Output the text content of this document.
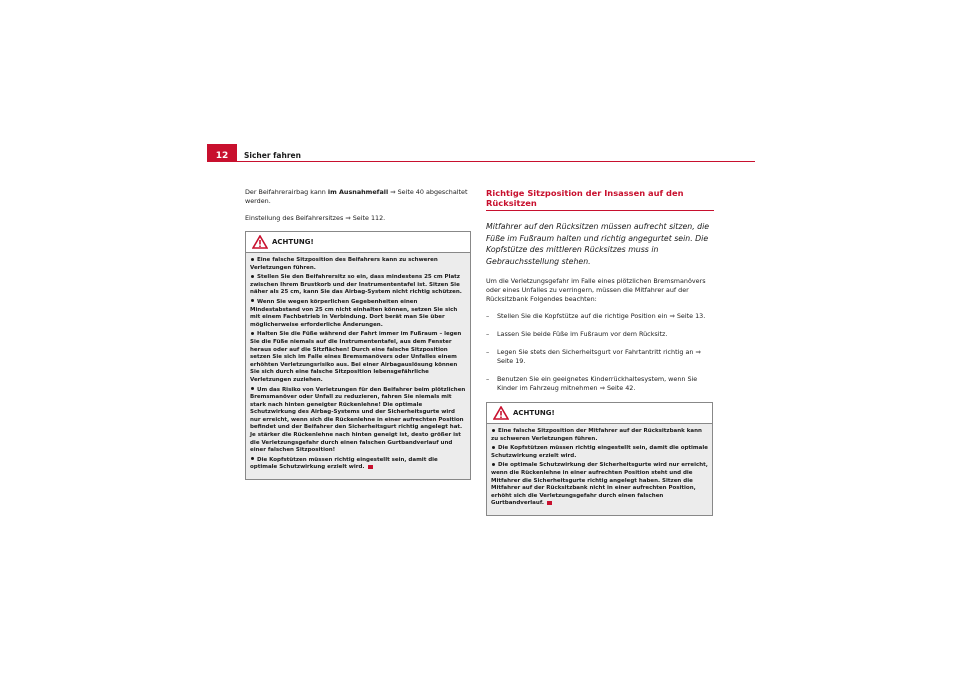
12	Sicher fahren

Der Beifahrerairbag kann im Ausnahmefall ⇒ Seite 40 abgeschaltet werden.

Einstellung des Beifahrersitzes ⇒ Seite 112.

ACHTUNG!
Eine falsche Sitzposition des Beifahrers kann zu schweren Verletzungen führen.
Stellen Sie den Beifahrersitz so ein, dass mindestens 25 cm Platz zwischen Ihrem Brustkorb und der Instrumententafel ist. Sitzen Sie näher als 25 cm, kann Sie das Airbag-System nicht richtig schützen.
Wenn Sie wegen körperlichen Gegebenheiten einen Mindestabstand von 25 cm nicht einhalten können, setzen Sie sich mit einem Fachbetrieb in Verbindung. Dort berät man Sie über möglicherweise erforderliche Änderungen.
Halten Sie die Füße während der Fahrt immer im Fußraum – legen Sie die Füße niemals auf die Instrumententafel, aus dem Fenster heraus oder auf die Sitzflächen! Durch eine falsche Sitzposition setzen Sie sich im Falle eines Bremsmanövers oder Unfalles einem erhöhten Verletzungsrisiko aus. Bei einer Airbagauslösung können Sie sich durch eine falsche Sitzposition lebensgefährliche Verletzungen zuziehen.
Um das Risiko von Verletzungen für den Beifahrer beim plötzlichen Bremsmanöver oder Unfall zu reduzieren, fahren Sie niemals mit stark nach hinten geneigter Rückenlehne! Die optimale Schutzwirkung des Airbag-Systems und der Sicherheitsgurte wird nur erreicht, wenn sich die Rückenlehne in einer aufrechten Position befindet und der Beifahrer den Sicherheitsgurt richtig angelegt hat. Je stärker die Rückenlehne nach hinten geneigt ist, desto größer ist die Verletzungsgefahr durch einen falschen Gurtbandverlauf und einer falschen Sitzposition!
Die Kopfstützen müssen richtig eingestellt sein, damit die optimale Schutzwirkung erzielt wird.
Richtige Sitzposition der Insassen auf den Rücksitzen

Mitfahrer auf den Rücksitzen müssen aufrecht sitzen, die Füße im Fußraum halten und richtig angegurtet sein. Die Kopfstütze des mittleren Rücksitzes muss in Gebrauchsstellung stehen.

Um die Verletzungsgefahr im Falle eines plötzlichen Bremsmanövers oder eines Unfalles zu verringern, müssen die Mitfahrer auf der Rücksitzbank Folgendes beachten:

– Stellen Sie die Kopfstütze auf die richtige Position ein ⇒ Seite 13.
– Lassen Sie beide Füße im Fußraum vor dem Rücksitz.
– Legen Sie stets den Sicherheitsgurt vor Fahrtantritt richtig an ⇒ Seite 19.
– Benutzen Sie ein geeignetes Kinderrückhaltesystem, wenn Sie Kinder im Fahrzeug mitnehmen ⇒ Seite 42.
ACHTUNG!
Eine falsche Sitzposition der Mitfahrer auf der Rücksitzbank kann zu schweren Verletzungen führen.
Die Kopfstützen müssen richtig eingestellt sein, damit die optimale Schutzwirkung erzielt wird.
Die optimale Schutzwirkung der Sicherheitsgurte wird nur erreicht, wenn die Rückenlehne in einer aufrechten Position steht und die Mitfahrer die Sicherheitsgurte richtig angelegt haben. Sitzen die Mitfahrer auf der Rücksitzbank nicht in einer aufrechten Position, erhöht sich die Verletzungsgefahr durch einen falschen Gurtbandverlauf.
